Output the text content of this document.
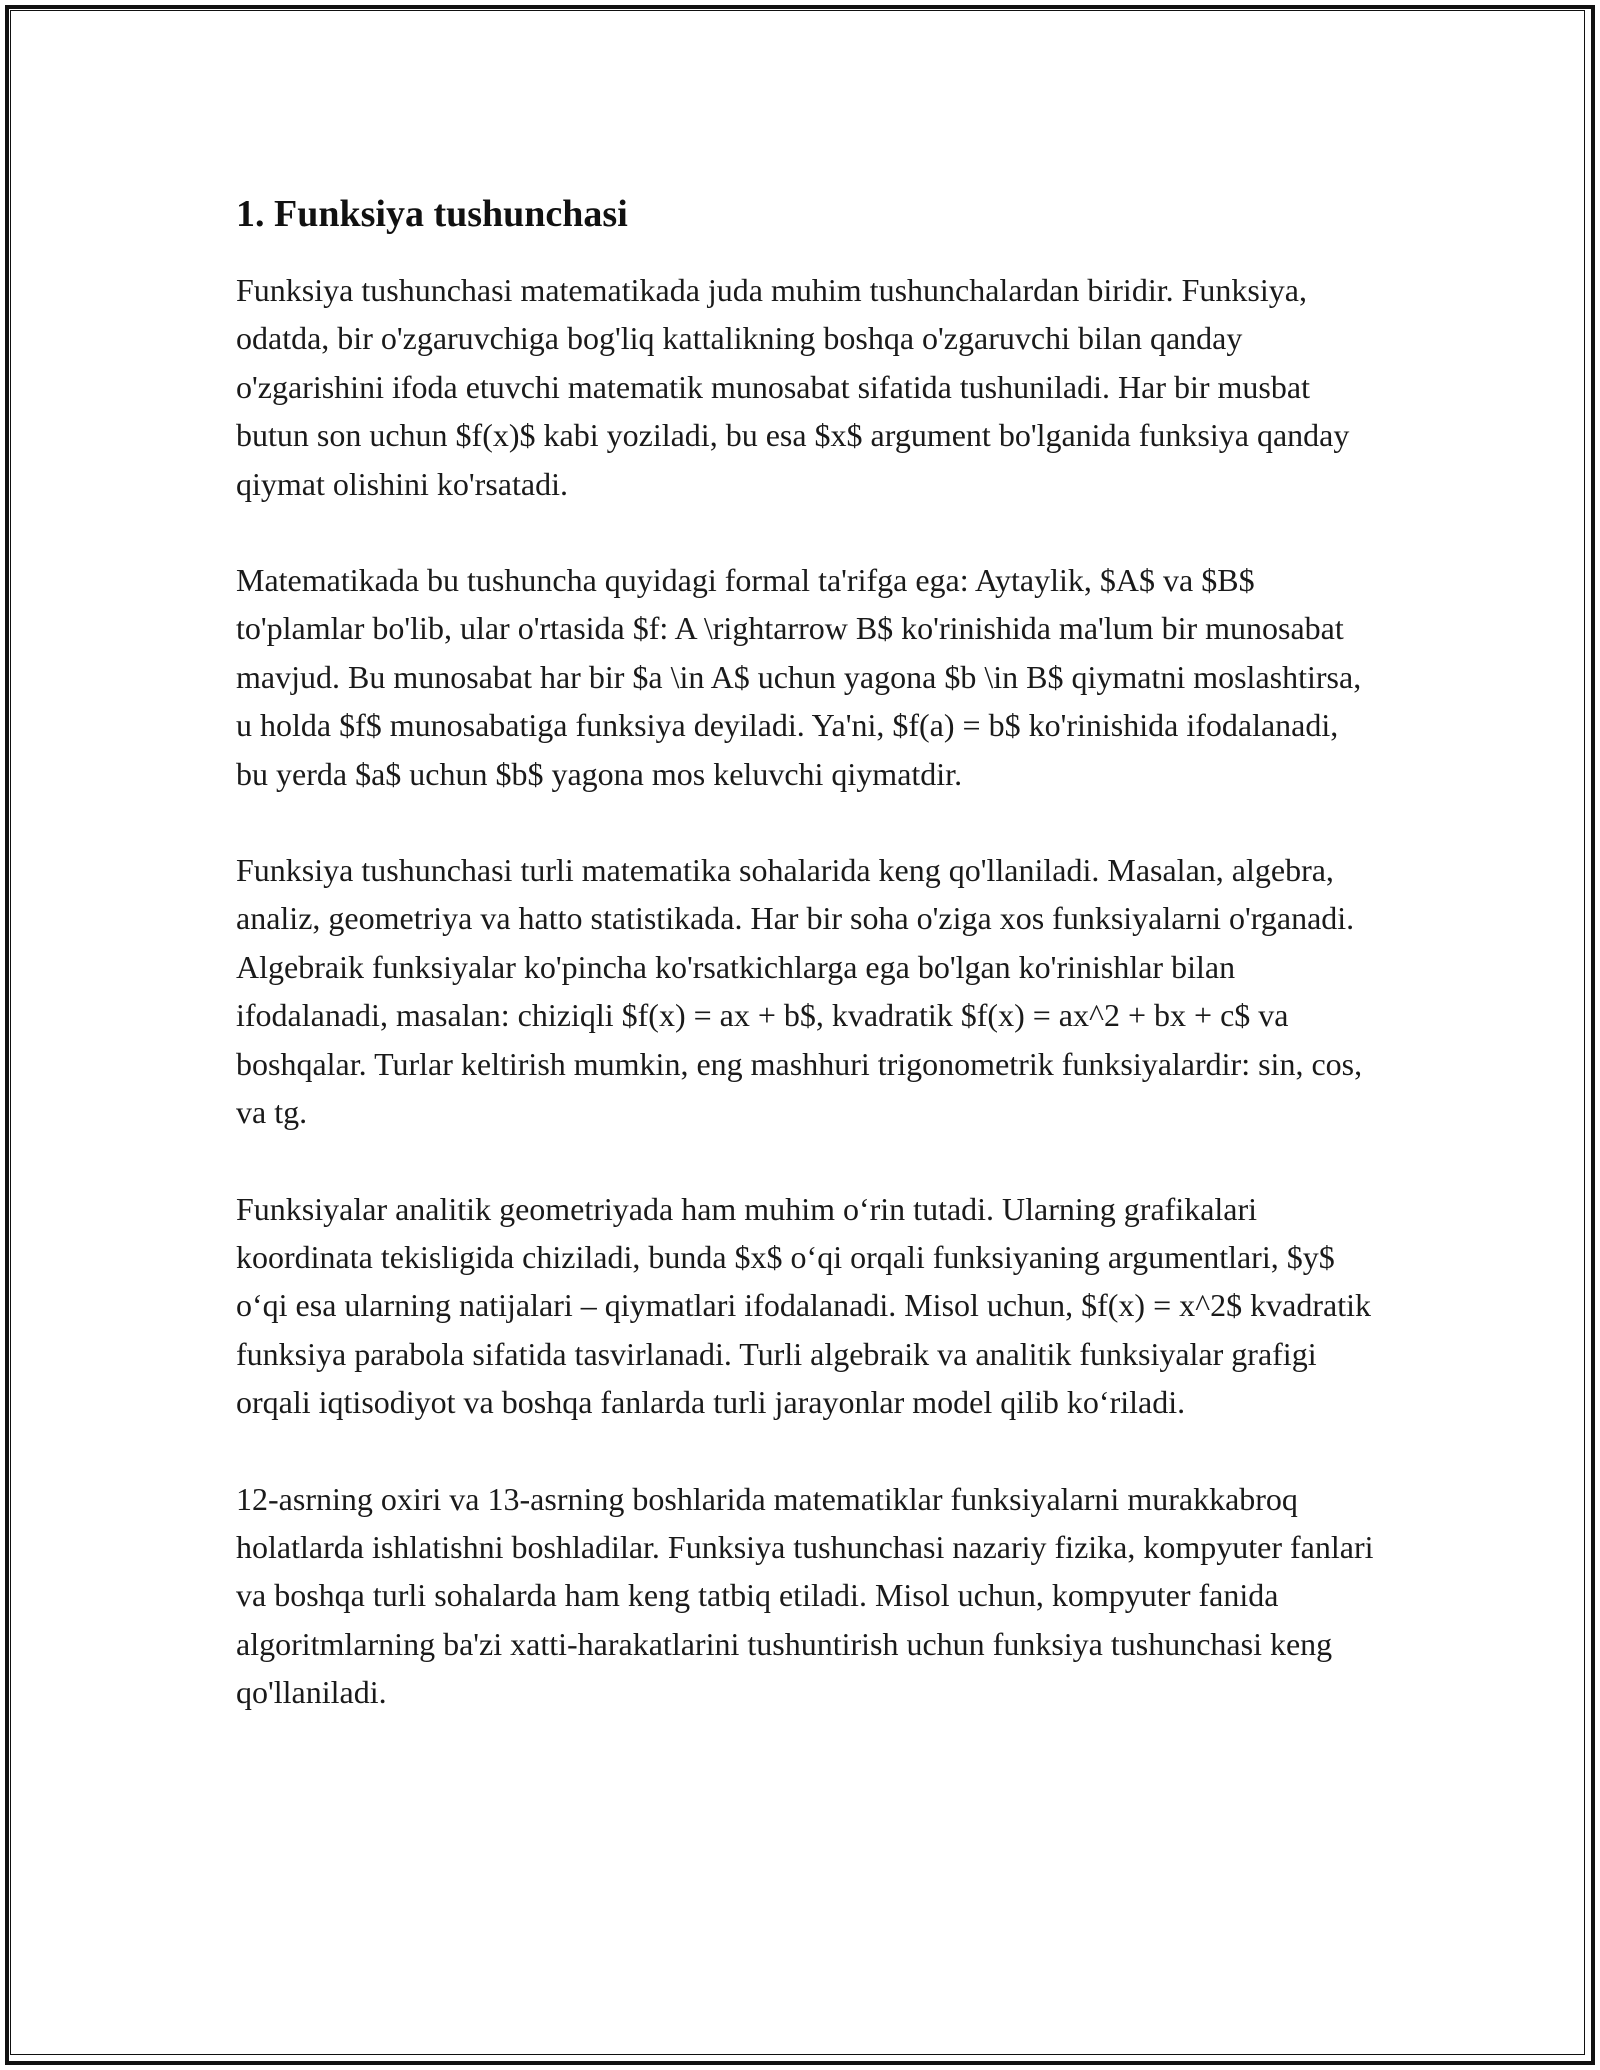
1. Funksiya tushunchasi

Funksiya tushunchasi matematikada juda muhim tushunchalardan biridir. Funksiya, odatda, bir o'zgaruvchiga bog'liq kattalikning boshqa o'zgaruvchi bilan qanday o'zgarishini ifoda etuvchi matematik munosabat sifatida tushuniladi. Har bir musbat butun son uchun $f(x)$ kabi yoziladi, bu esa $x$ argument bo'lganida funksiya qanday qiymat olishini ko'rsatadi.

Matematikada bu tushuncha quyidagi formal ta'rifga ega: Aytaylik, $A$ va $B$ to'plamlar bo'lib, ular o'rtasida $f: A \rightarrow B$ ko'rinishida ma'lum bir munosabat mavjud. Bu munosabat har bir $a \in A$ uchun yagona $b \in B$ qiymatni moslashtirsa, u holda $f$ munosabatiga funksiya deyiladi. Ya'ni, $f(a) = b$ ko'rinishida ifodalanadi, bu yerda $a$ uchun $b$ yagona mos keluvchi qiymatdir.

Funksiya tushunchasi turli matematika sohalarida keng qo'llaniladi. Masalan, algebra, analiz, geometriya va hatto statistikada. Har bir soha o'ziga xos funksiyalarni o'rganadi. Algebraik funksiyalar ko'pincha ko'rsatkichlarga ega bo'lgan ko'rinishlar bilan ifodalanadi, masalan: chiziqli $f(x) = ax + b$, kvadratik $f(x) = ax^2 + bx + c$ va boshqalar. Turlar keltirish mumkin, eng mashhuri trigonometrik funksiyalardir: sin, cos, va tg.

Funksiyalar analitik geometriyada ham muhim o‘rin tutadi. Ularning grafikalari koordinata tekisligida chiziladi, bunda $x$ o‘qi orqali funksiyaning argumentlari, $y$ o‘qi esa ularning natijalari – qiymatlari ifodalanadi. Misol uchun, $f(x) = x^2$ kvadratik funksiya parabola sifatida tasvirlanadi. Turli algebraik va analitik funksiyalar grafigi orqali iqtisodiyot va boshqa fanlarda turli jarayonlar model qilib ko‘riladi.

12-asrning oxiri va 13-asrning boshlarida matematiklar funksiyalarni murakkabroq holatlarda ishlatishni boshladilar. Funksiya tushunchasi nazariy fizika, kompyuter fanlari va boshqa turli sohalarda ham keng tatbiq etiladi. Misol uchun, kompyuter fanida algoritmlarning ba'zi xatti-harakatlarini tushuntirish uchun funksiya tushunchasi keng qo'llaniladi.
